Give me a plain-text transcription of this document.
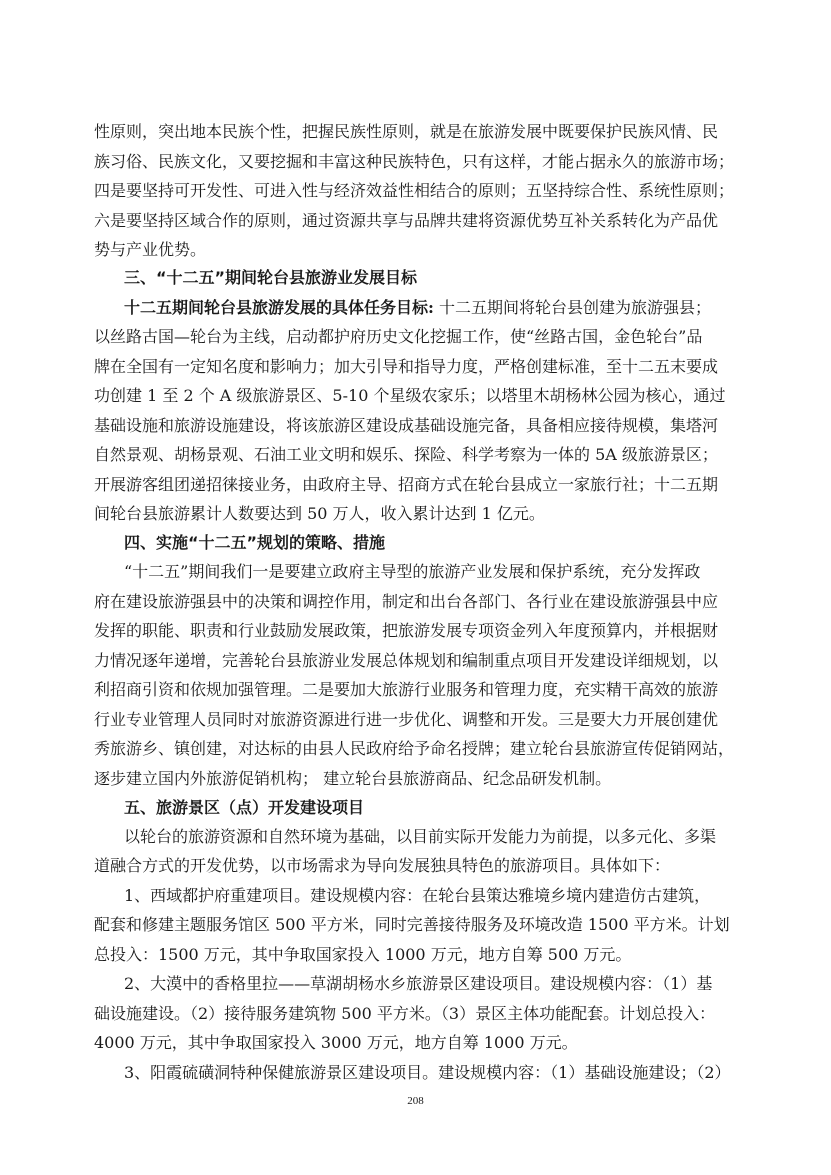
性原则，突出地本民族个性，把握民族性原则，就是在旅游发展中既要保护民族风情、民
族习俗、民族文化，又要挖掘和丰富这种民族特色，只有这样，才能占据永久的旅游市场；
四是要坚持可开发性、可进入性与经济效益性相结合的原则；五坚持综合性、系统性原则；
六是要坚持区域合作的原则，通过资源共享与品牌共建将资源优势互补关系转化为产品优
势与产业优势。
三、“十二五”期间轮台县旅游业发展目标
十二五期间轮台县旅游发展的具体任务目标: 十二五期间将轮台县创建为旅游强县；
以丝路古国—轮台为主线，启动都护府历史文化挖掘工作，使“丝路古国，金色轮台”品
牌在全国有一定知名度和影响力；加大引导和指导力度，严格创建标准，至十二五末要成
功创建 1 至 2 个 A 级旅游景区、5-10 个星级农家乐；以塔里木胡杨林公园为核心，通过
基础设施和旅游设施建设，将该旅游区建设成基础设施完备，具备相应接待规模，集塔河
自然景观、胡杨景观、石油工业文明和娱乐、探险、科学考察为一体的 5A 级旅游景区；
开展游客组团递招徕接业务，由政府主导、招商方式在轮台县成立一家旅行社；十二五期
间轮台县旅游累计人数要达到 50 万人，收入累计达到 1 亿元。
四、实施“十二五”规划的策略、措施
“十二五”期间我们一是要建立政府主导型的旅游产业发展和保护系统，充分发挥政
府在建设旅游强县中的决策和调控作用，制定和出台各部门、各行业在建设旅游强县中应
发挥的职能、职责和行业鼓励发展政策，把旅游发展专项资金列入年度预算内，并根据财
力情况逐年递增，完善轮台县旅游业发展总体规划和编制重点项目开发建设详细规划，以
利招商引资和依规加强管理。二是要加大旅游行业服务和管理力度，充实精干高效的旅游
行业专业管理人员同时对旅游资源进行进一步优化、调整和开发。三是要大力开展创建优
秀旅游乡、镇创建，对达标的由县人民政府给予命名授牌；建立轮台县旅游宣传促销网站，
逐步建立国内外旅游促销机构； 建立轮台县旅游商品、纪念品研发机制。
五、旅游景区（点）开发建设项目
以轮台的旅游资源和自然环境为基础，以目前实际开发能力为前提，以多元化、多渠
道融合方式的开发优势，以市场需求为导向发展独具特色的旅游项目。具体如下：
1、西域都护府重建项目。建设规模内容：在轮台县策达雅境乡境内建造仿古建筑，
配套和修建主题服务馆区 500 平方米，同时完善接待服务及环境改造 1500 平方米。计划
总投入：1500 万元，其中争取国家投入 1000 万元，地方自筹 500 万元。
2、大漠中的香格里拉——草湖胡杨水乡旅游景区建设项目。建设规模内容：（1）基
础设施建设。（2）接待服务建筑物 500 平方米。（3）景区主体功能配套。计划总投入：
4000 万元，其中争取国家投入 3000 万元，地方自筹 1000 万元。
3、阳霞硫磺洞特种保健旅游景区建设项目。建设规模内容：（1）基础设施建设；（2）
208
